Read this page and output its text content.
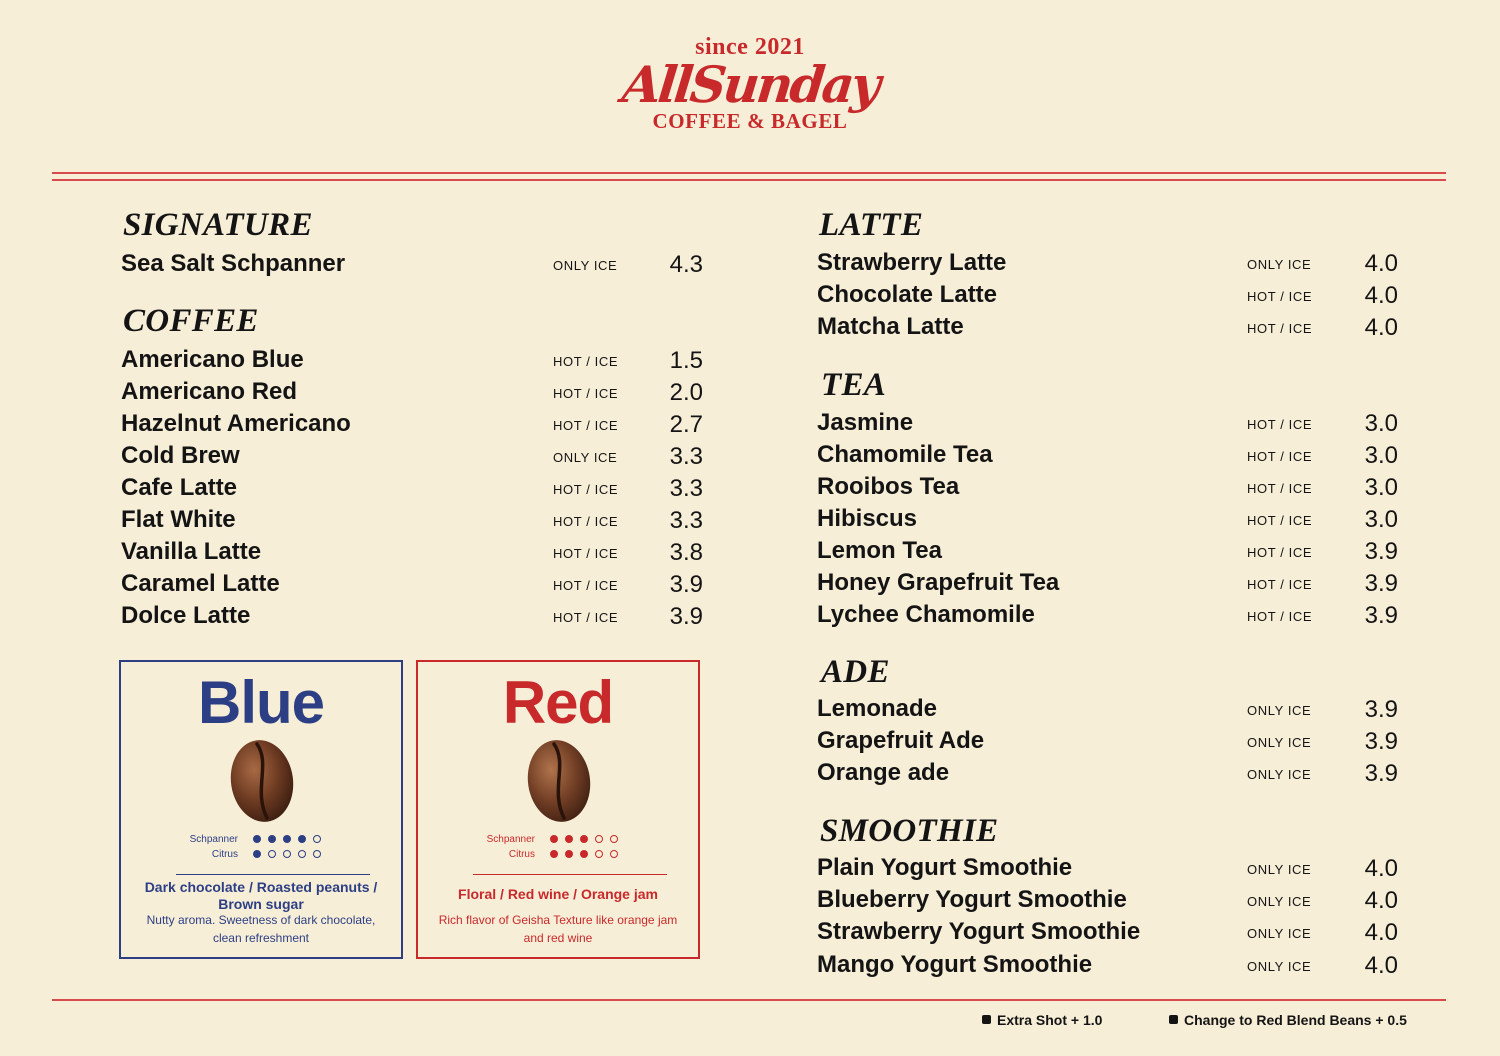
since 2021
AllSunday
COFFEE & BAGEL
SIGNATURE
Sea Salt Schpanner	ONLY ICE 4.3
COFFEE
Americano Blue	HOT / ICE 1.5
Americano Red	HOT / ICE 2.0
Hazelnut Americano	HOT / ICE 2.7
Cold Brew	ONLY ICE 3.3
Cafe Latte	HOT / ICE 3.3
Flat White	HOT / ICE 3.3
Vanilla Latte	HOT / ICE 3.8
Caramel Latte	HOT / ICE 3.9
Dolce Latte	HOT / ICE 3.9
Blue
Schpanner
Citrus
Dark chocolate / Roasted peanuts / Brown sugar
Nutty aroma. Sweetness of dark chocolate, clean refreshment
Red
Schpanner
Citrus
Floral / Red wine / Orange jam
Rich flavor of Geisha Texture like orange jam and red wine
LATTE
Strawberry Latte	ONLY ICE 4.0
Chocolate Latte	HOT / ICE 4.0
Matcha Latte	HOT / ICE 4.0
TEA
Jasmine	HOT / ICE 3.0
Chamomile Tea	HOT / ICE 3.0
Rooibos Tea	HOT / ICE 3.0
Hibiscus	HOT / ICE 3.0
Lemon Tea	HOT / ICE 3.9
Honey Grapefruit Tea	HOT / ICE 3.9
Lychee Chamomile	HOT / ICE 3.9
ADE
Lemonade	ONLY ICE 3.9
Grapefruit Ade	ONLY ICE 3.9
Orange ade	ONLY ICE 3.9
SMOOTHIE
Plain Yogurt Smoothie	ONLY ICE 4.0
Blueberry Yogurt Smoothie	ONLY ICE 4.0
Strawberry Yogurt Smoothie	ONLY ICE 4.0
Mango Yogurt Smoothie	ONLY ICE 4.0
Extra Shot + 1.0	Change to Red Blend Beans + 0.5
